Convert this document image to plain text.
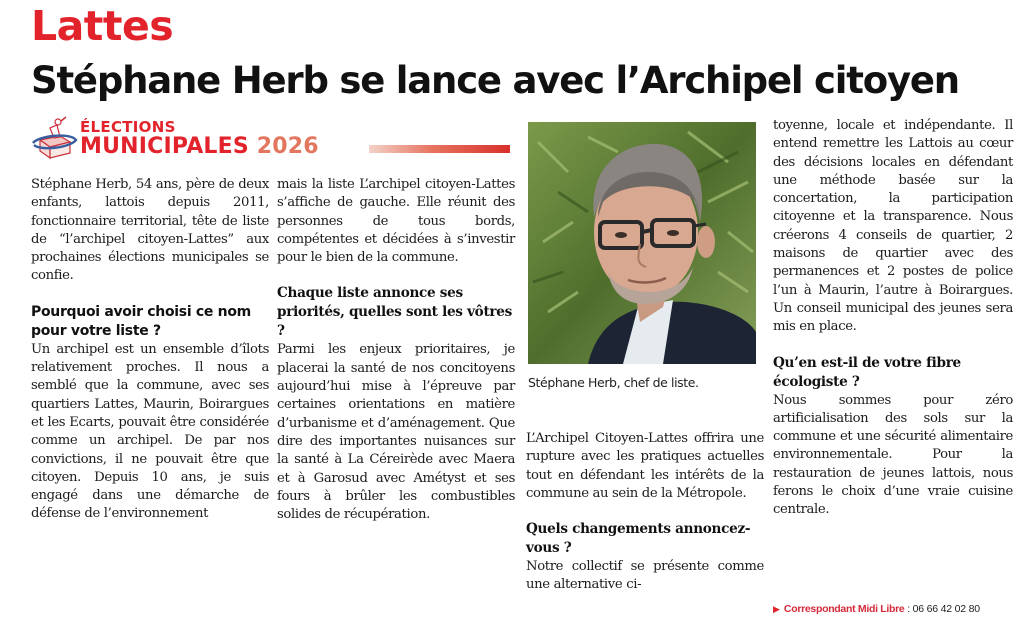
Lattes
Stéphane Herb se lance avec l’Archipel citoyen
ÉLECTIONS
MUNICIPALES 2026

Stéphane Herb, 54 ans, père de deux enfants, lattois depuis 2011, fonctionnaire territorial, tête de liste de “l’archipel citoyen-Lattes” aux prochaines élections municipales se confie.

Pourquoi avoir choisi ce nom pour votre liste ?

Un archipel est un ensemble d’îlots relativement proches. Il nous a semblé que la commune, avec ses quartiers Lattes, Maurin, Boirargues et les Ecarts, pouvait être considérée comme un archipel. De par nos convictions, il ne pouvait être que citoyen. Depuis 10 ans, je suis engagé dans une démarche de défense de l’environnement

mais la liste L’archipel citoyen-Lattes s’affiche de gauche. Elle réunit des personnes de tous bords, compétentes et décidées à s’investir pour le bien de la commune.

Chaque liste annonce ses priorités, quelles sont les vôtres ?

Parmi les enjeux prioritaires, je placerai la santé de nos concitoyens aujourd’hui mise à l’épreuve par certaines orientations en matière d’urbanisme et d’aménagement. Que dire des importantes nuisances sur la santé à La Céreirède avec Maera et à Garosud avec Amétyst et ses fours à brûler les combustibles solides de récupération.

Stéphane Herb, chef de liste.

L’Archipel Citoyen-Lattes offrira une rupture avec les pratiques actuelles tout en défendant les intérêts de la commune au sein de la Métropole.

Quels changements annoncez-vous ?

Notre collectif se présente comme une alternative ci-

toyenne, locale et indépendante. Il entend remettre les Lattois au cœur des décisions locales en défendant une méthode basée sur la concertation, la participation citoyenne et la transparence. Nous créerons 4 conseils de quartier, 2 maisons de quartier avec des permanences et 2 postes de police l’un à Maurin, l’autre à Boirargues. Un conseil municipal des jeunes sera mis en place.

Qu’en est-il de votre fibre écologiste ?

Nous sommes pour zéro artificialisation des sols sur la commune et une sécurité alimentaire environnementale. Pour la restauration de jeunes lattois, nous ferons le choix d’une vraie cuisine centrale.

▶ Correspondant Midi Libre : 06 66 42 02 80
